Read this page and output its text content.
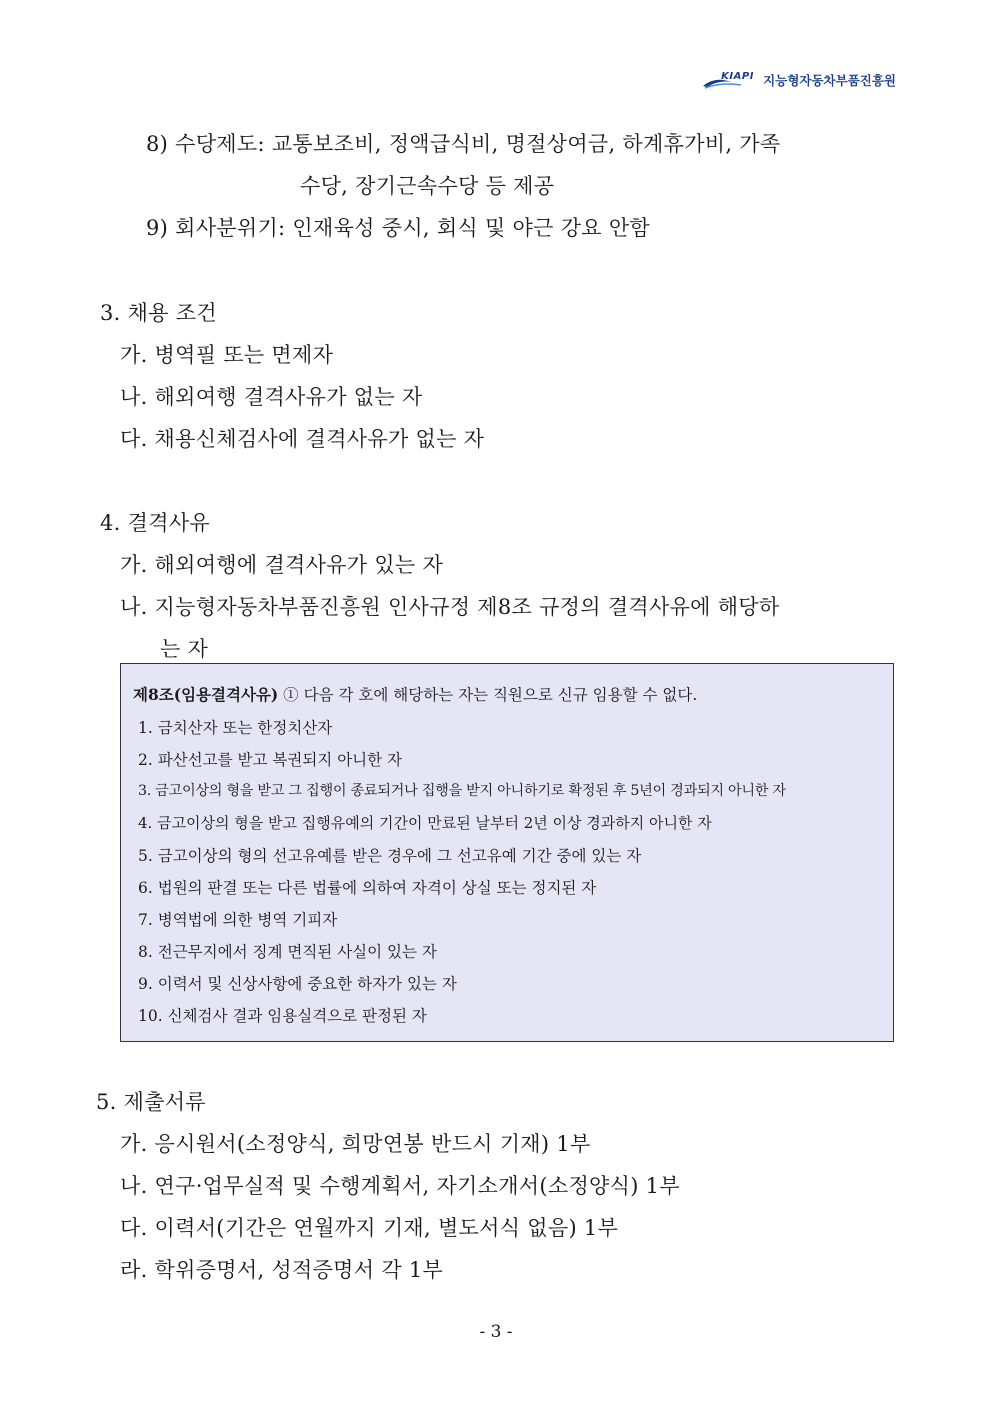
KIAPI 지능형자동차부품진흥원
8) 수당제도: 교통보조비, 정액급식비, 명절상여금, 하계휴가비, 가족
수당, 장기근속수당 등 제공
9) 회사분위기: 인재육성 중시, 회식 및 야근 강요 안함
3. 채용 조건
가. 병역필 또는 면제자
나. 해외여행 결격사유가 없는 자
다. 채용신체검사에 결격사유가 없는 자
4. 결격사유
가. 해외여행에 결격사유가 있는 자
나. 지능형자동차부품진흥원 인사규정 제8조 규정의 결격사유에 해당하
는 자
제8조(임용결격사유) ① 다음 각 호에 해당하는 자는 직원으로 신규 임용할 수 없다.
1. 금치산자 또는 한정치산자
2. 파산선고를 받고 복권되지 아니한 자
3. 금고이상의 형을 받고 그 집행이 종료되거나 집행을 받지 아니하기로 확정된 후 5년이 경과되지 아니한 자
4. 금고이상의 형을 받고 집행유예의 기간이 만료된 날부터 2년 이상 경과하지 아니한 자
5. 금고이상의 형의 선고유예를 받은 경우에 그 선고유예 기간 중에 있는 자
6. 법원의 판결 또는 다른 법률에 의하여 자격이 상실 또는 정지된 자
7. 병역법에 의한 병역 기피자
8. 전근무지에서 징계 면직된 사실이 있는 자
9. 이력서 및 신상사항에 중요한 하자가 있는 자
10. 신체검사 결과 임용실격으로 판정된 자
5. 제출서류
가. 응시원서(소정양식, 희망연봉 반드시 기재) 1부
나. 연구·업무실적 및 수행계획서, 자기소개서(소정양식) 1부
다. 이력서(기간은 연월까지 기재, 별도서식 없음) 1부
라. 학위증명서, 성적증명서 각 1부
- 3 -
